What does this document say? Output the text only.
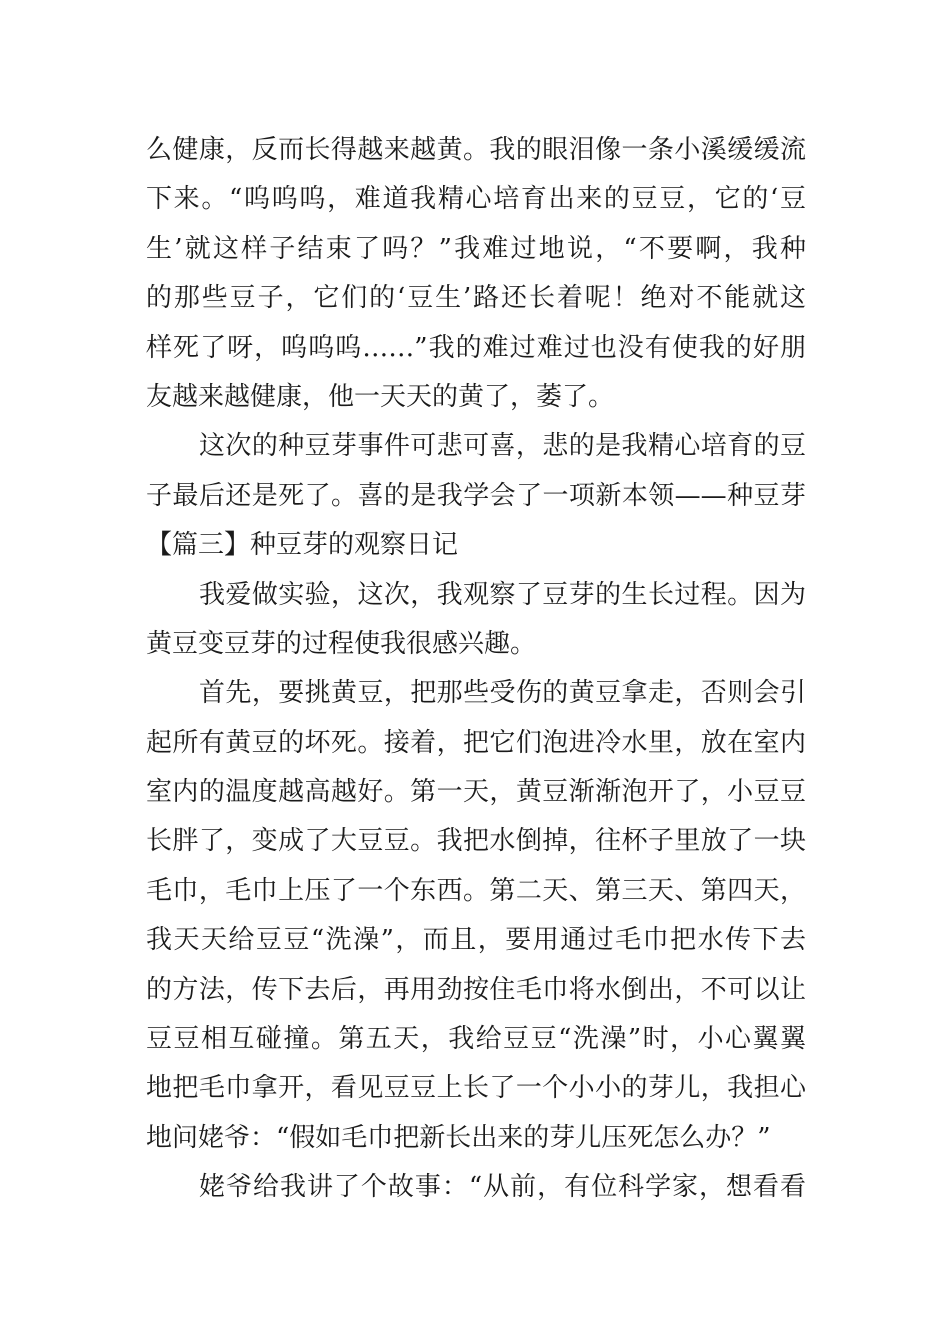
么健康，反而长得越来越黄。我的眼泪像一条小溪缓缓流
下来。“呜呜呜，难道我精心培育出来的豆豆，它的‘豆
生’就这样子结束了吗？”我难过地说，“不要啊，我种
的那些豆子，它们的‘豆生’路还长着呢！绝对不能就这
样死了呀，呜呜呜……”我的难过难过也没有使我的好朋
友越来越健康，他一天天的黄了，萎了。
这次的种豆芽事件可悲可喜，悲的是我精心培育的豆
子最后还是死了。喜的是我学会了一项新本领——种豆芽
【篇三】种豆芽的观察日记
我爱做实验，这次，我观察了豆芽的生长过程。因为
黄豆变豆芽的过程使我很感兴趣。
首先，要挑黄豆，把那些受伤的黄豆拿走，否则会引
起所有黄豆的坏死。接着，把它们泡进冷水里，放在室内
室内的温度越高越好。第一天，黄豆渐渐泡开了，小豆豆
长胖了，变成了大豆豆。我把水倒掉，往杯子里放了一块
毛巾，毛巾上压了一个东西。第二天、第三天、第四天，
我天天给豆豆“洗澡”，而且，要用通过毛巾把水传下去
的方法，传下去后，再用劲按住毛巾将水倒出，不可以让
豆豆相互碰撞。第五天，我给豆豆“洗澡”时，小心翼翼
地把毛巾拿开，看见豆豆上长了一个小小的芽儿，我担心
地问姥爷：“假如毛巾把新长出来的芽儿压死怎么办？”
姥爷给我讲了个故事：“从前，有位科学家，想看看
